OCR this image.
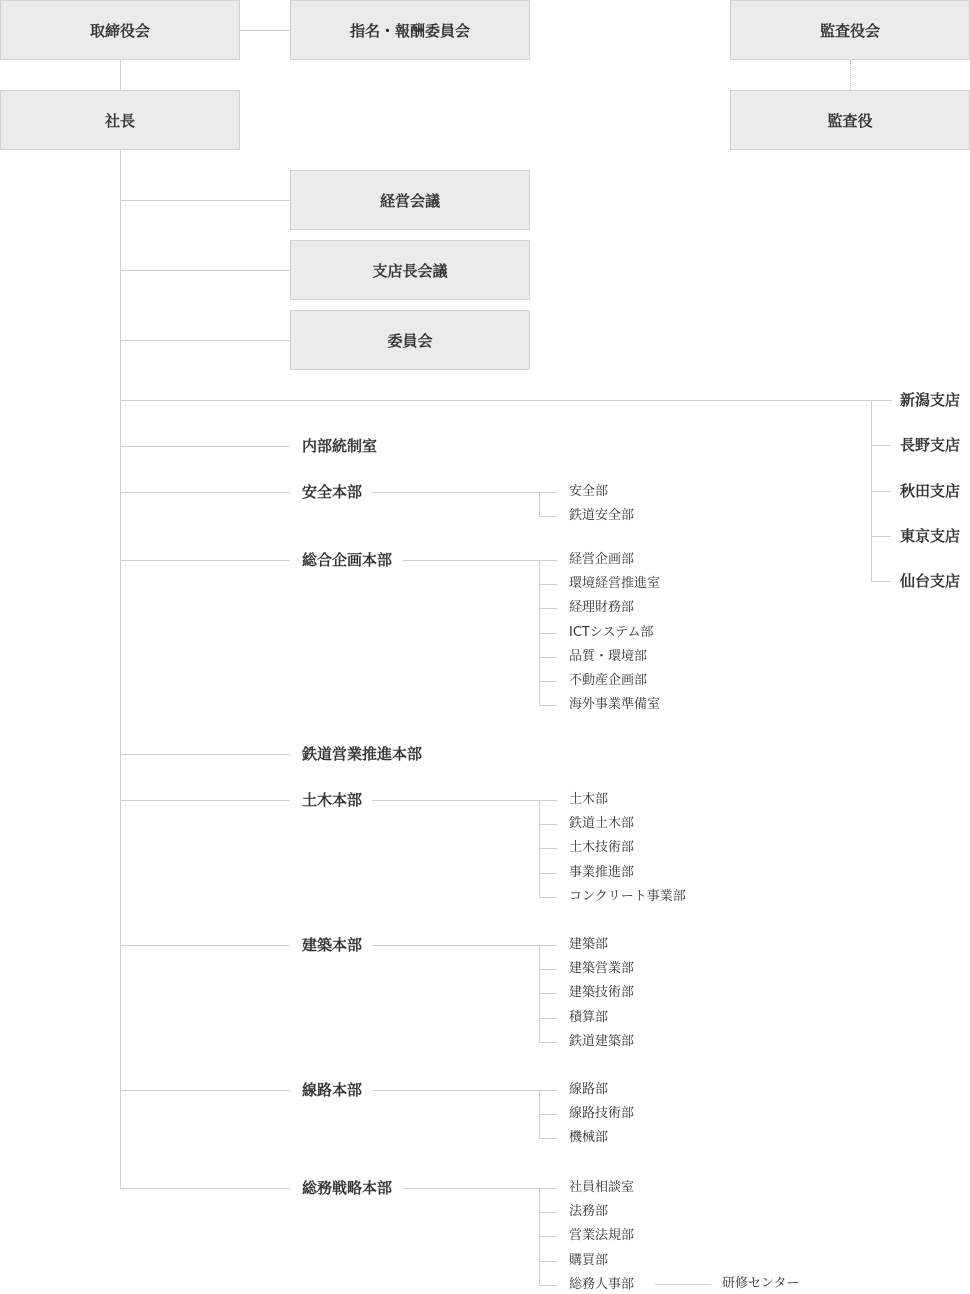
取締役会	指名・報酬委員会	監査役会
監査役
社長
経営会議
支店長会議
委員会
新潟支店
長野支店
秋田支店
東京支店
仙台支店
内部統制室
安全本部	安全部
鉄道安全部
総合企画本部	経営企画部
環境経営推進室
経理財務部
ICTシステム部
品質・環境部
不動産企画部
海外事業準備室
土木本部	土木部
鉄道土木部
土木技術部
事業推進部
コンクリート事業部
建築本部	建築部
建築営業部
建築技術部
積算部
鉄道建築部
線路本部	線路部
線路技術部
機械部
総務戦略本部	社員相談室
法務部
営業法規部
購買部
総務人事部
鉄道営業推進本部
研修センター
